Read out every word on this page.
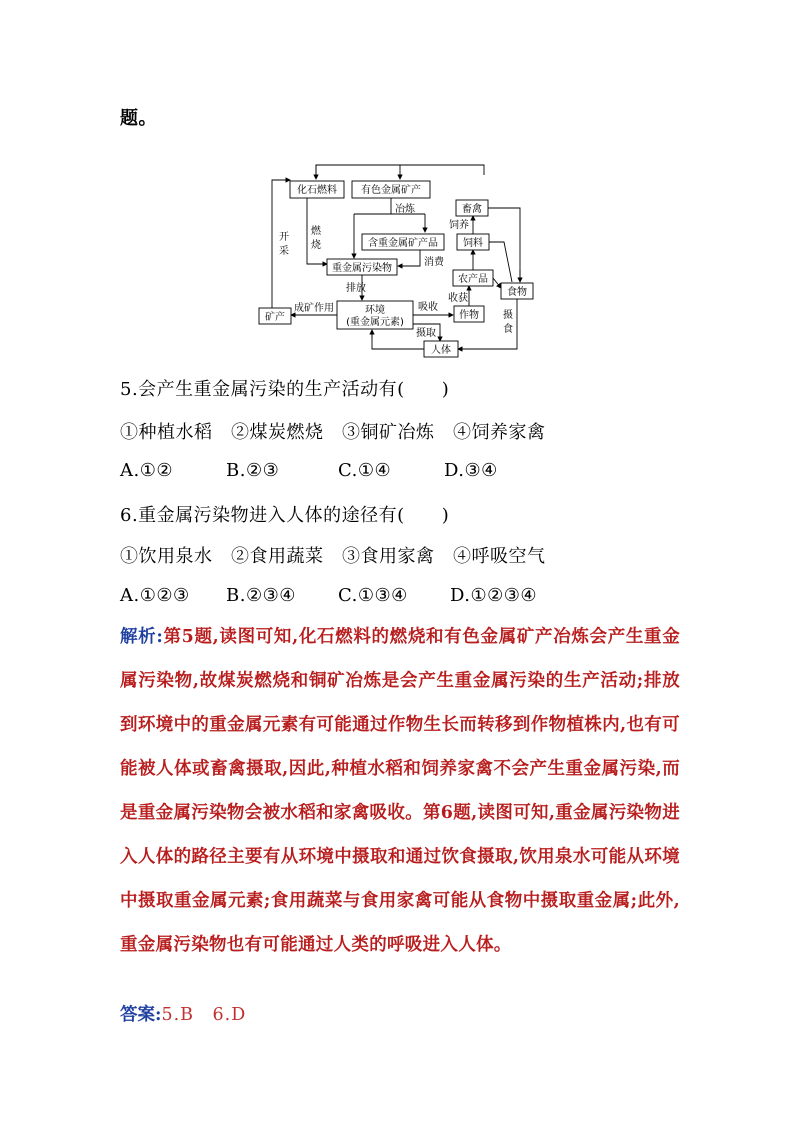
题。
化石燃料 有色金属矿产
冶炼
燃
烧
开
采
含重金属矿产品
消费
重金属污染物
排放
环境
(重金属元素)
成矿作用
矿产
吸收
作物
收获
农产品
饲料
饲养
畜禽
食物
摄
食
摄取
人体
5.会产生重金属污染的生产活动有(　　)
①种植水稻　②煤炭燃烧　③铜矿冶炼　④饲养家禽
A.①②	B.②③	C.①④	D.③④
6.重金属污染物进入人体的途径有(　　)
①饮用泉水　②食用蔬菜　③食用家禽　④呼吸空气
A.①②③ B.②③④ C.①③④ D.①②③④
解析:第5题,读图可知,化石燃料的燃烧和有色金属矿产冶炼会产生重金属污染物,故煤炭燃烧和铜矿冶炼是会产生重金属污染的生产活动;排放到环境中的重金属元素有可能通过作物生长而转移到作物植株内,也有可能被人体或畜禽摄取,因此,种植水稻和饲养家禽不会产生重金属污染,而是重金属污染物会被水稻和家禽吸收。第6题,读图可知,重金属污染物进入人体的路径主要有从环境中摄取和通过饮食摄取,饮用泉水可能从环境中摄取重金属元素;食用蔬菜与食用家禽可能从食物中摄取重金属;此外,重金属污染物也有可能通过人类的呼吸进入人体。
答案:5.B　6.D
